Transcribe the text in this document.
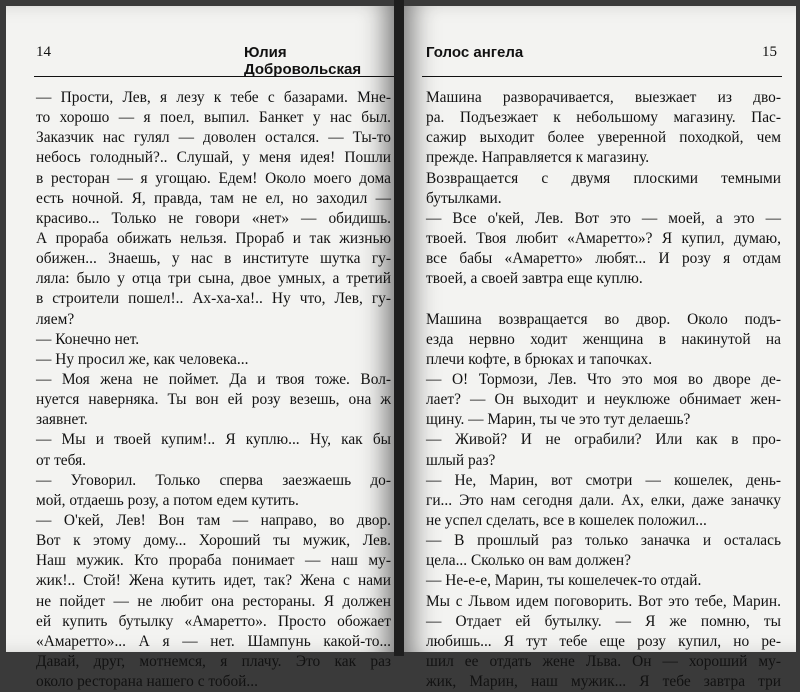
14	Юлия Добровольская
— Прости, Лев, я лезу к тебе с базарами. Мне-
то хорошо — я поел, выпил. Банкет у нас был.
Заказчик нас гулял — доволен остался. — Ты-то
небось голодный?.. Слушай, у меня идея! Пошли
в ресторан — я угощаю. Едем! Около моего дома
есть ночной. Я, правда, там не ел, но заходил —
красиво... Только не говори «нет» — обидишь.
А прораба обижать нельзя. Прораб и так жизнью
обижен... Знаешь, у нас в институте шутка гу-
ляла: было у отца три сына, двое умных, а третий
в строители пошел!.. Ах-ха-ха!.. Ну что, Лев, гу-
ляем?
— Конечно нет.
— Ну просил же, как человека...
— Моя жена не поймет. Да и твоя тоже. Вол-
нуется наверняка. Ты вон ей розу везешь, она ж
заявнет.
— Мы и твоей купим!.. Я куплю... Ну, как бы
от тебя.
— Уговорил. Только сперва заезжаешь до-
мой, отдаешь розу, а потом едем кутить.
— О'кей, Лев! Вон там — направо, во двор.
Вот к этому дому... Хороший ты мужик, Лев.
Наш мужик. Кто прораба понимает — наш му-
жик!.. Стой! Жена кутить идет, так? Жена с нами
не пойдет — не любит она рестораны. Я должен
ей купить бутылку «Амаретто». Просто обожает
«Амаретто»... А я — нет. Шампунь какой-то...
Давай, друг, мотнемся, я плачу. Это как раз
около ресторана нашего с тобой...
Голос ангела	15
Машина разворачивается, выезжает из дво-
ра. Подъезжает к небольшому магазину. Пас-
сажир выходит более уверенной походкой, чем
прежде. Направляется к магазину.
Возвращается с двумя плоскими темными
бутылками.
— Все о'кей, Лев. Вот это — моей, а это —
твоей. Твоя любит «Амаретто»? Я купил, думаю,
все бабы «Амаретто» любят... И розу я отдам
твоей, а своей завтра еще куплю.
Машина возвращается во двор. Около подъ-
езда нервно ходит женщина в накинутой на
плечи кофте, в брюках и тапочках.
— О! Тормози, Лев. Что это моя во дворе де-
лает? — Он выходит и неуклюже обнимает жен-
щину. — Марин, ты че это тут делаешь?
— Живой? И не ограбили? Или как в про-
шлый раз?
— Не, Марин, вот смотри — кошелек, день-
ги... Это нам сегодня дали. Ах, елки, даже заначку
не успел сделать, все в кошелек положил...
— В прошлый раз только заначка и осталась
цела... Сколько он вам должен?
— Не-е-е, Марин, ты кошелечек-то отдай.
Мы с Львом идем поговорить. Вот это тебе, Марин.
— Отдает ей бутылку. — Я же помню, ты
любишь... Я тут тебе еще розу купил, но ре-
шил ее отдать жене Льва. Он — хороший му-
жик, Марин, наш мужик... Я тебе завтра три
